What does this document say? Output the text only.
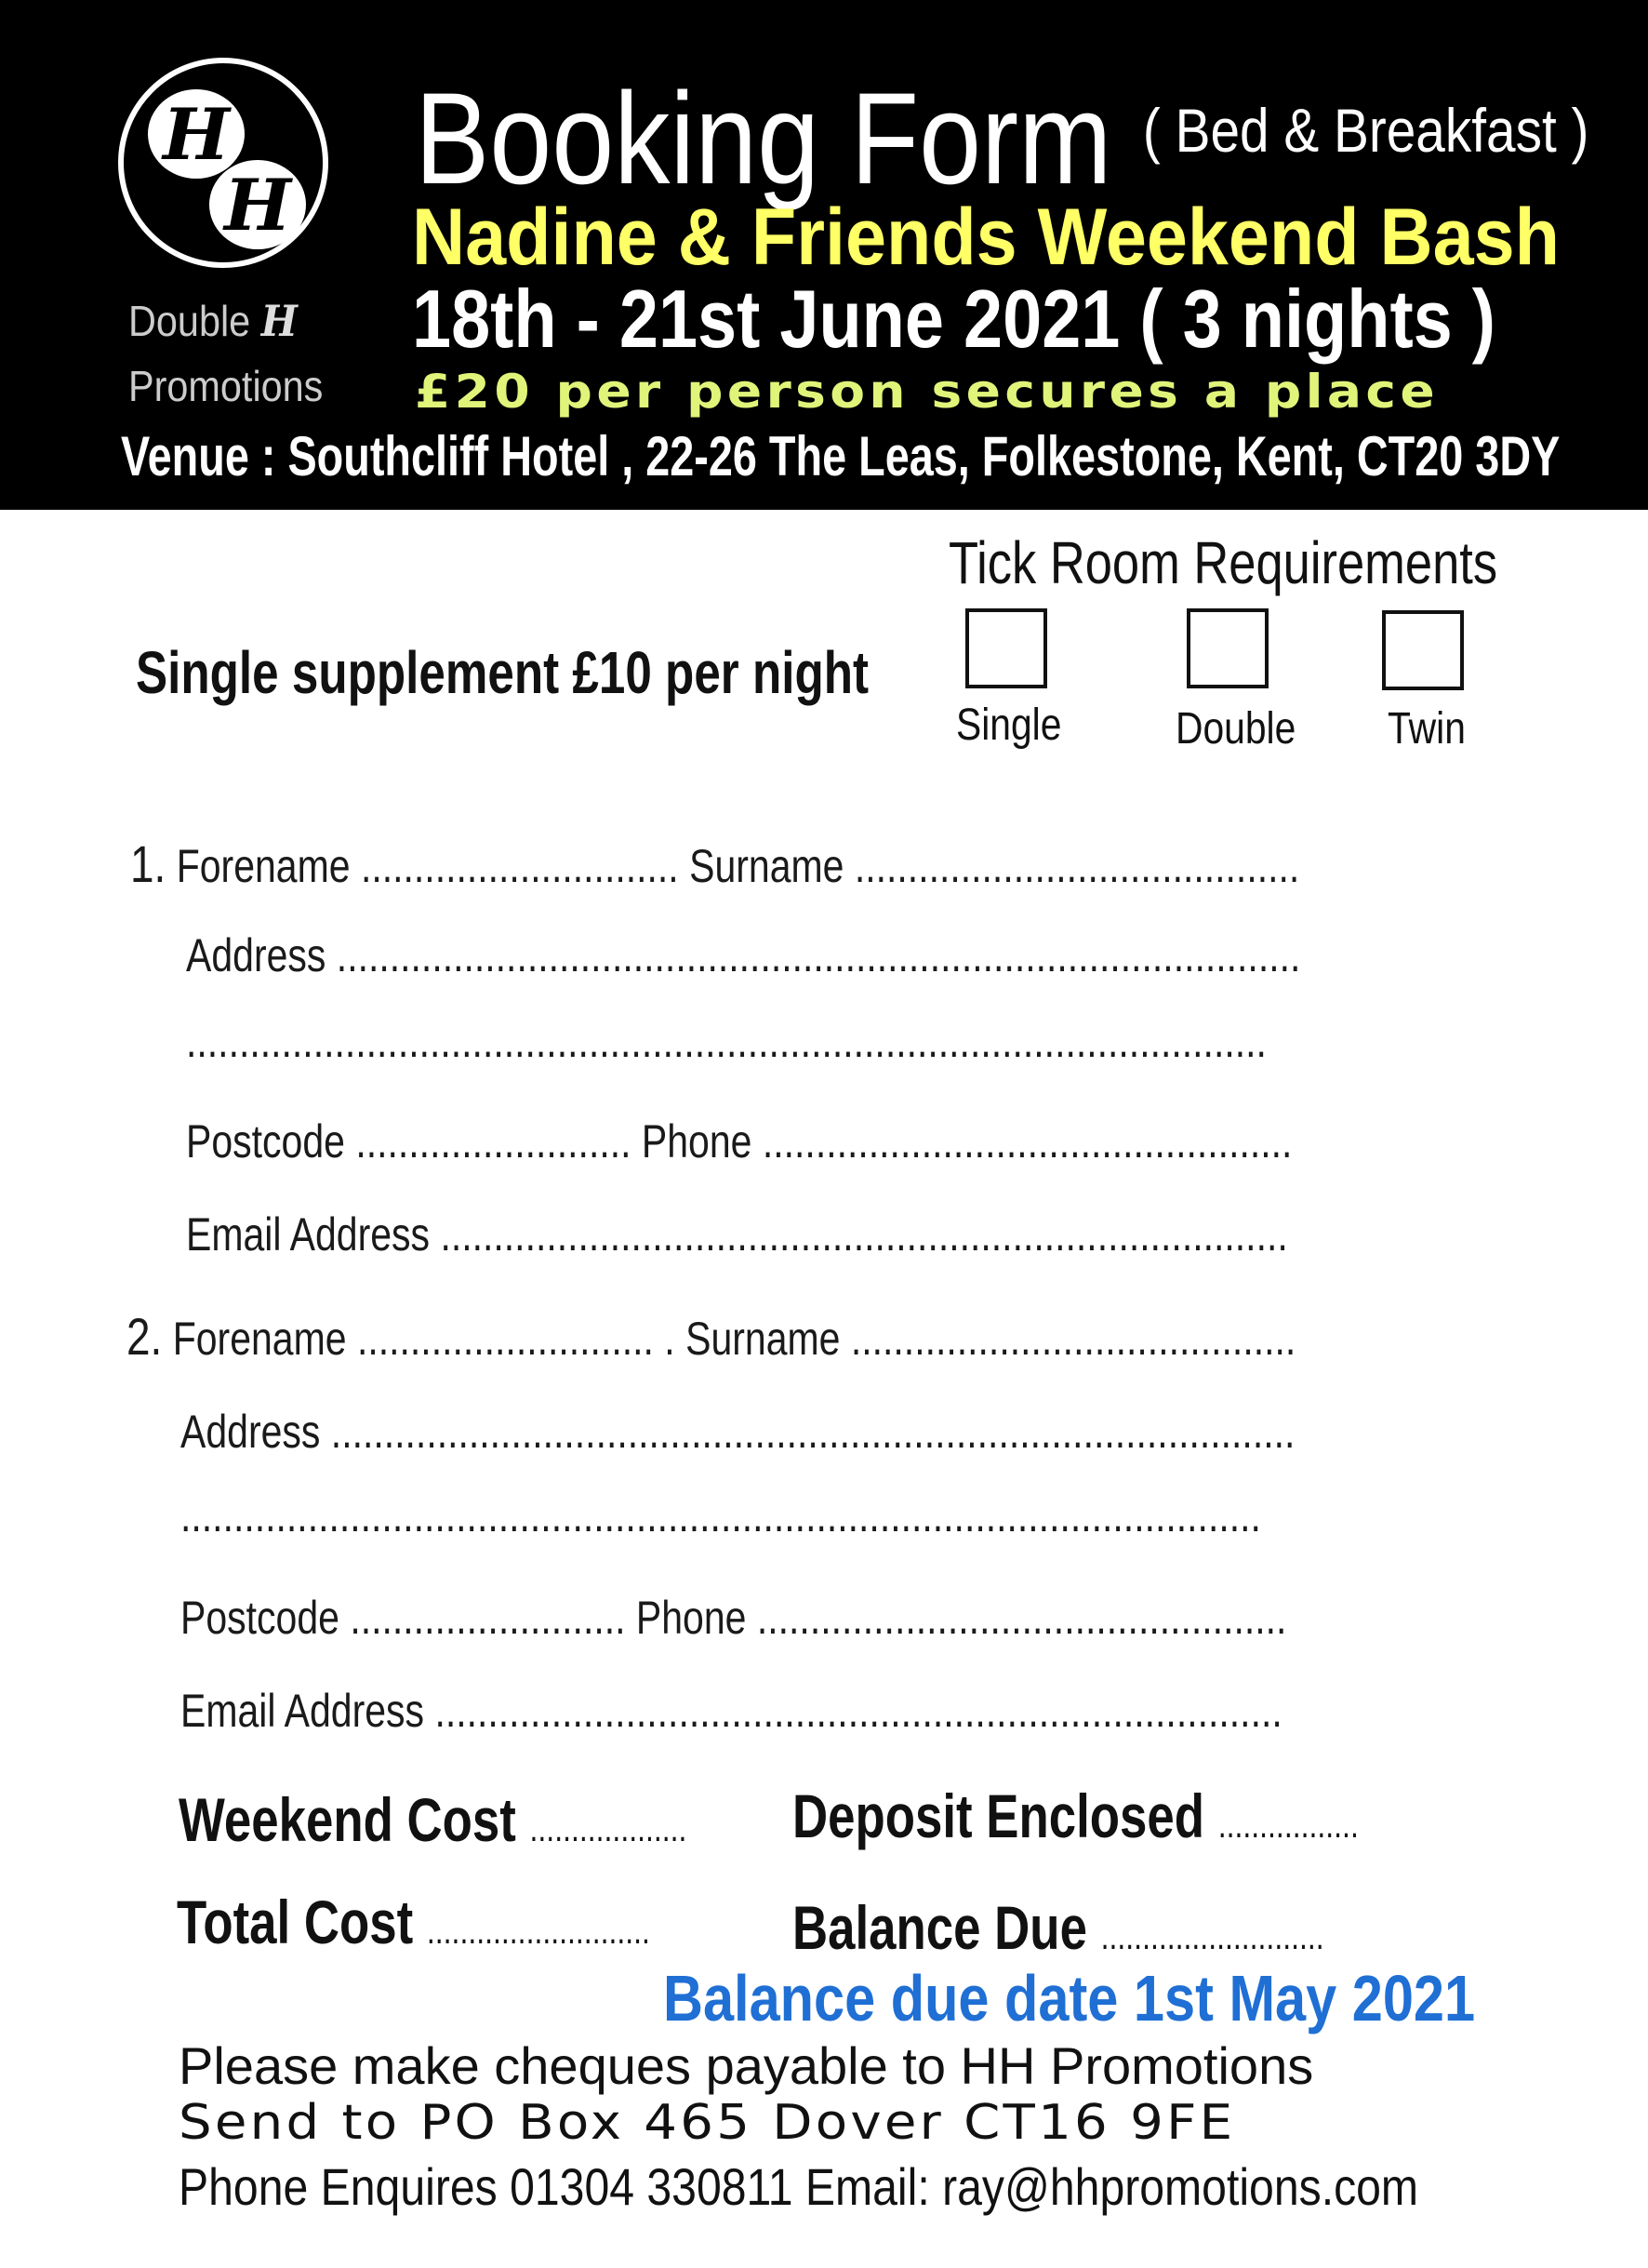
H
H
Double H
Promotions
Booking Form $^{( Bed \& Breakfast )}$
Nadine & Friends Weekend Bash
18th - 21st June 2021 ( 3 nights )
£20 per person secures a place
Venue : Southcliff Hotel , 22-26 The Leas, Folkestone, Kent, CT20 3DY
Tick Room Requirements
Single supplement £10 per night
Single	Double Twin
1. Forename .............................. Surname ..........................................
Address ...........................................................................................
......................................................................................................
Postcode .......................... Phone ..................................................
Email Address ................................................................................
2. Forename ............................ . Surname ..........................................
Address ...........................................................................................
......................................................................................................
Postcode .......................... Phone ..................................................
Email Address ................................................................................
Weekend Cost ................... Deposit Enclosed .................
Total Cost ........................... Balance Due ...........................
Balance due date 1st May 2021
Please make cheques payable to HH Promotions
Send to PO Box 465 Dover CT16 9FE
Phone Enquires 01304 330811 Email: ray@hhpromotions.com
